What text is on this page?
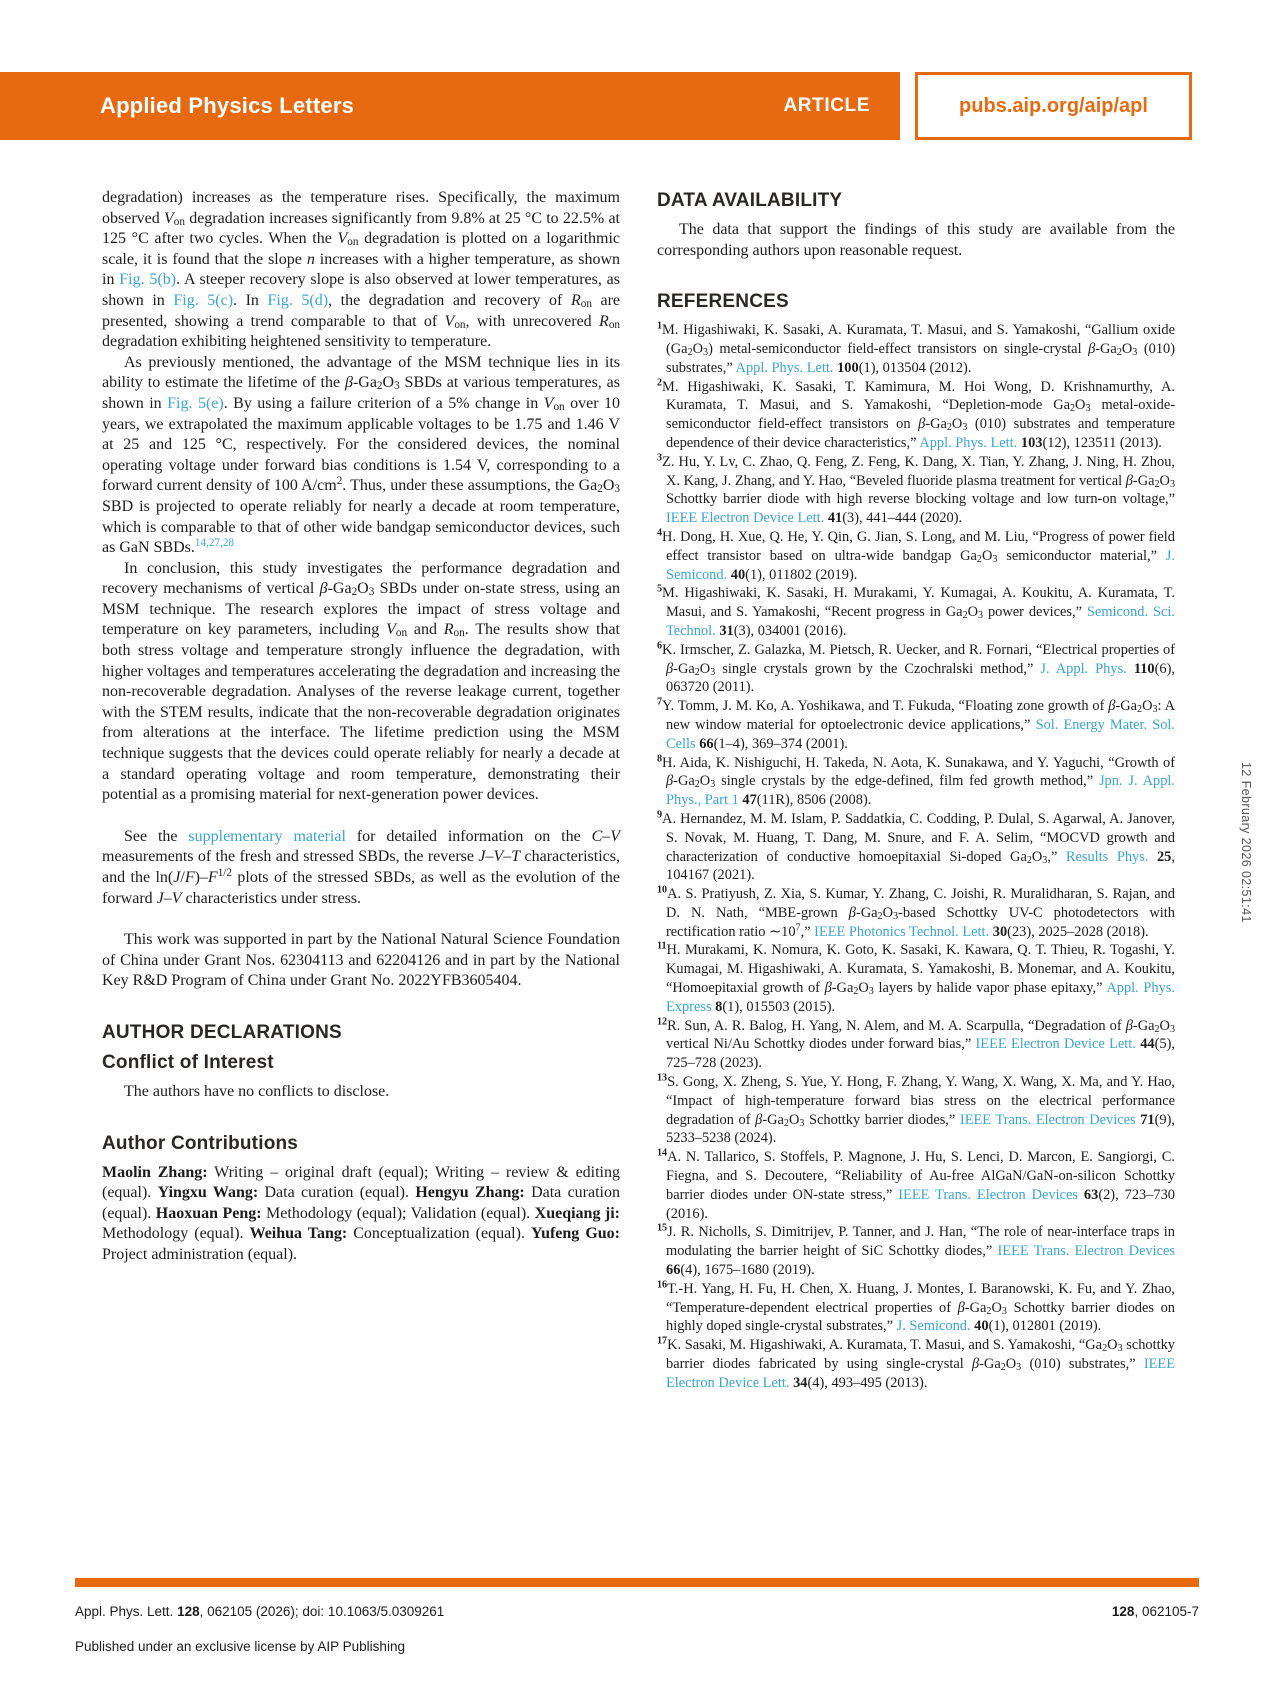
Applied Physics Letters	ARTICLE	pubs.aip.org/aip/apl

degradation) increases as the temperature rises. Specifically, the maximum observed Von degradation increases significantly from 9.8% at 25 °C to 22.5% at 125 °C after two cycles. When the Von degradation is plotted on a logarithmic scale, it is found that the slope n increases with a higher temperature, as shown in Fig. 5(b). A steeper recovery slope is also observed at lower temperatures, as shown in Fig. 5(c). In Fig. 5(d), the degradation and recovery of Ron are presented, showing a trend comparable to that of Von, with unrecovered Ron degradation exhibiting heightened sensitivity to temperature.

As previously mentioned, the advantage of the MSM technique lies in its ability to estimate the lifetime of the β-Ga2O3 SBDs at various temperatures, as shown in Fig. 5(e). By using a failure criterion of a 5% change in Von over 10 years, we extrapolated the maximum applicable voltages to be 1.75 and 1.46 V at 25 and 125 °C, respectively. For the considered devices, the nominal operating voltage under forward bias conditions is 1.54 V, corresponding to a forward current density of 100 $A/cm^2$. Thus, under these assumptions, the Ga2O3 SBD is projected to operate reliably for nearly a decade at room temperature, which is comparable to that of other wide bandgap semiconductor devices, such as GaN SBDs.$^{14,27,28}$

In conclusion, this study investigates the performance degradation and recovery mechanisms of vertical β-Ga2O3 SBDs under on-state stress, using an MSM technique. The research explores the impact of stress voltage and temperature on key parameters, including Von and Ron. The results show that both stress voltage and temperature strongly influence the degradation, with higher voltages and temperatures accelerating the degradation and increasing the non-recoverable degradation. Analyses of the reverse leakage current, together with the STEM results, indicate that the non-recoverable degradation originates from alterations at the interface. The lifetime prediction using the MSM technique suggests that the devices could operate reliably for nearly a decade at a standard operating voltage and room temperature, demonstrating their potential as a promising material for next-generation power devices.

See the supplementary material for detailed information on the C–V measurements of the fresh and stressed SBDs, the reverse J–V–T characteristics, and the $\ln(J/F)-F^{1/2}$ plots of the stressed SBDs, as well as the evolution of the forward J–V characteristics under stress.

This work was supported in part by the National Natural Science Foundation of China under Grant Nos. 62304113 and 62204126 and in part by the National Key R&D Program of China under Grant No. 2022YFB3605404.

AUTHOR DECLARATIONS
Conflict of Interest

The authors have no conflicts to disclose.

Author Contributions

Maolin Zhang: Writing – original draft (equal); Writing – review & editing (equal). Yingxu Wang: Data curation (equal). Hengyu Zhang: Data curation (equal). Haoxuan Peng: Methodology (equal); Validation (equal). Xueqiang ji: Methodology (equal). Weihua Tang: Conceptualization (equal). Yufeng Guo: Project administration (equal).

DATA AVAILABILITY

The data that support the findings of this study are available from the corresponding authors upon reasonable request.

REFERENCES
$^1$M. Higashiwaki, K. Sasaki, A. Kuramata, T. Masui, and S. Yamakoshi, “Gallium oxide (Ga2O3) metal-semiconductor field-effect transistors on single-crystal β-Ga2O3 (010) substrates,” Appl. Phys. Lett. 100(1), 013504 (2012).
$^2$M. Higashiwaki, K. Sasaki, T. Kamimura, M. Hoi Wong, D. Krishnamurthy, A. Kuramata, T. Masui, and S. Yamakoshi, “Depletion-mode Ga2O3 metal-oxide-semiconductor field-effect transistors on β-Ga2O3 (010) substrates and temperature dependence of their device characteristics,” Appl. Phys. Lett. 103(12), 123511 (2013).
$^3$Z. Hu, Y. Lv, C. Zhao, Q. Feng, Z. Feng, K. Dang, X. Tian, Y. Zhang, J. Ning, H. Zhou, X. Kang, J. Zhang, and Y. Hao, “Beveled fluoride plasma treatment for vertical β-Ga2O3 Schottky barrier diode with high reverse blocking voltage and low turn-on voltage,” IEEE Electron Device Lett. 41(3), 441–444 (2020).
$^4$H. Dong, H. Xue, Q. He, Y. Qin, G. Jian, S. Long, and M. Liu, “Progress of power field effect transistor based on ultra-wide bandgap Ga2O3 semiconductor material,” J. Semicond. 40(1), 011802 (2019).
$^5$M. Higashiwaki, K. Sasaki, H. Murakami, Y. Kumagai, A. Koukitu, A. Kuramata, T. Masui, and S. Yamakoshi, “Recent progress in Ga2O3 power devices,” Semicond. Sci. Technol. 31(3), 034001 (2016).
$^6$K. Irmscher, Z. Galazka, M. Pietsch, R. Uecker, and R. Fornari, “Electrical properties of β-Ga2O3 single crystals grown by the Czochralski method,” J. Appl. Phys. 110(6), 063720 (2011).
$^7$Y. Tomm, J. M. Ko, A. Yoshikawa, and T. Fukuda, “Floating zone growth of β-Ga2O3: A new window material for optoelectronic device applications,” Sol. Energy Mater. Sol. Cells 66(1–4), 369–374 (2001).
$^8$H. Aida, K. Nishiguchi, H. Takeda, N. Aota, K. Sunakawa, and Y. Yaguchi, “Growth of β-Ga2O3 single crystals by the edge-defined, film fed growth method,” Jpn. J. Appl. Phys., Part 1 47(11R), 8506 (2008).
$^9$A. Hernandez, M. M. Islam, P. Saddatkia, C. Codding, P. Dulal, S. Agarwal, A. Janover, S. Novak, M. Huang, T. Dang, M. Snure, and F. A. Selim, “MOCVD growth and characterization of conductive homoepitaxial Si-doped Ga2O3,” Results Phys. 25, 104167 (2021).
$^{10}$A. S. Pratiyush, Z. Xia, S. Kumar, Y. Zhang, C. Joishi, R. Muralidharan, S. Rajan, and D. N. Nath, “MBE-grown β-Ga2O3-based Schottky UV-C photodetectors with rectification ratio $\sim 10^7$,” IEEE Photonics Technol. Lett. 30(23), 2025–2028 (2018).
$^{11}$H. Murakami, K. Nomura, K. Goto, K. Sasaki, K. Kawara, Q. T. Thieu, R. Togashi, Y. Kumagai, M. Higashiwaki, A. Kuramata, S. Yamakoshi, B. Monemar, and A. Koukitu, “Homoepitaxial growth of β-Ga2O3 layers by halide vapor phase epitaxy,” Appl. Phys. Express 8(1), 015503 (2015).
$^{12}$R. Sun, A. R. Balog, H. Yang, N. Alem, and M. A. Scarpulla, “Degradation of β-Ga2O3 vertical Ni/Au Schottky diodes under forward bias,” IEEE Electron Device Lett. 44(5), 725–728 (2023).
$^{13}$S. Gong, X. Zheng, S. Yue, Y. Hong, F. Zhang, Y. Wang, X. Wang, X. Ma, and Y. Hao, “Impact of high-temperature forward bias stress on the electrical performance degradation of β-Ga2O3 Schottky barrier diodes,” IEEE Trans. Electron Devices 71(9), 5233–5238 (2024).
$^{14}$A. N. Tallarico, S. Stoffels, P. Magnone, J. Hu, S. Lenci, D. Marcon, E. Sangiorgi, C. Fiegna, and S. Decoutere, “Reliability of Au-free AlGaN/GaN-on-silicon Schottky barrier diodes under ON-state stress,” IEEE Trans. Electron Devices 63(2), 723–730 (2016).
$^{15}$J. R. Nicholls, S. Dimitrijev, P. Tanner, and J. Han, “The role of near-interface traps in modulating the barrier height of SiC Schottky diodes,” IEEE Trans. Electron Devices 66(4), 1675–1680 (2019).
$^{16}$T.-H. Yang, H. Fu, H. Chen, X. Huang, J. Montes, I. Baranowski, K. Fu, and Y. Zhao, “Temperature-dependent electrical properties of β-Ga2O3 Schottky barrier diodes on highly doped single-crystal substrates,” J. Semicond. 40(1), 012801 (2019).
$^{17}$K. Sasaki, M. Higashiwaki, A. Kuramata, T. Masui, and S. Yamakoshi, “Ga2O3 schottky barrier diodes fabricated by using single-crystal β-Ga2O3 (010) substrates,” IEEE Electron Device Lett. 34(4), 493–495 (2013).
12 February 2026 02:51:41
Appl. Phys. Lett. 128, 062105 (2026); doi: 10.1063/5.0309261	128, 062105-7
Published under an exclusive license by AIP Publishing
